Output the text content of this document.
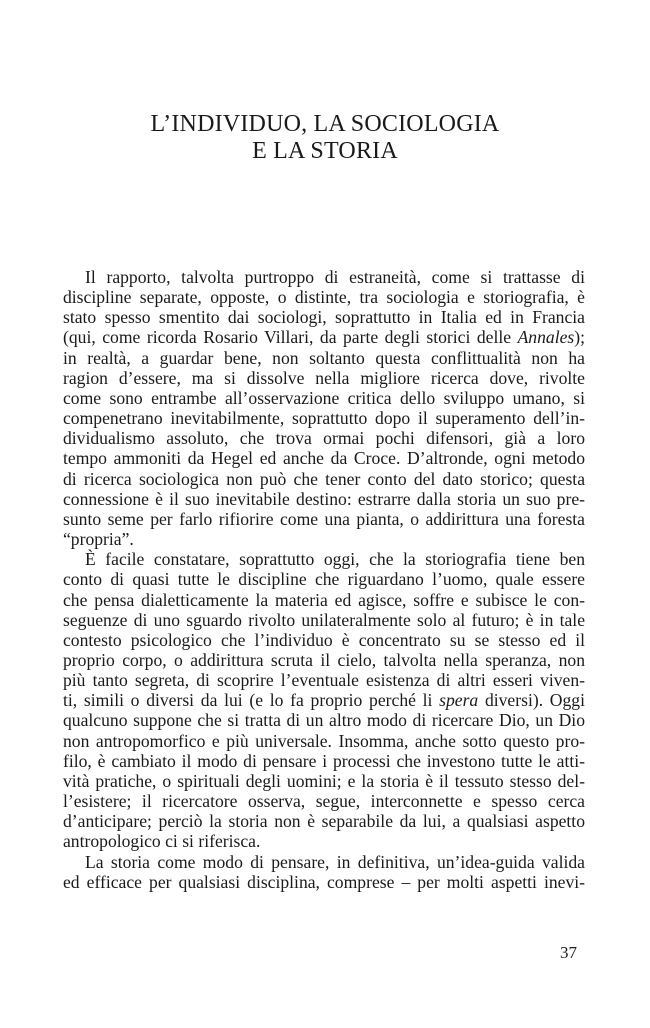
L’INDIVIDUO, LA SOCIOLOGIA
E LA STORIA
Il rapporto, talvolta purtroppo di estraneità, come si trattasse di
discipline separate, opposte, o distinte, tra sociologia e storiografia, è
stato spesso smentito dai sociologi, soprattutto in Italia ed in Francia
(qui, come ricorda Rosario Villari, da parte degli storici delle Annales);
in realtà, a guardar bene, non soltanto questa conflittualità non ha
ragion d’essere, ma si dissolve nella migliore ricerca dove, rivolte
come sono entrambe all’osservazione critica dello sviluppo umano, si
compenetrano inevitabilmente, soprattutto dopo il superamento dell’in-
dividualismo assoluto, che trova ormai pochi difensori, già a loro
tempo ammoniti da Hegel ed anche da Croce. D’altronde, ogni metodo
di ricerca sociologica non può che tener conto del dato storico; questa
connessione è il suo inevitabile destino: estrarre dalla storia un suo pre-
sunto seme per farlo rifiorire come una pianta, o addirittura una foresta
“propria”.
È facile constatare, soprattutto oggi, che la storiografia tiene ben
conto di quasi tutte le discipline che riguardano l’uomo, quale essere
che pensa dialetticamente la materia ed agisce, soffre e subisce le con-
seguenze di uno sguardo rivolto unilateralmente solo al futuro; è in tale
contesto psicologico che l’individuo è concentrato su se stesso ed il
proprio corpo, o addirittura scruta il cielo, talvolta nella speranza, non
più tanto segreta, di scoprire l’eventuale esistenza di altri esseri viven-
ti, simili o diversi da lui (e lo fa proprio perché li spera diversi). Oggi
qualcuno suppone che si tratta di un altro modo di ricercare Dio, un Dio
non antropomorfico e più universale. Insomma, anche sotto questo pro-
filo, è cambiato il modo di pensare i processi che investono tutte le atti-
vità pratiche, o spirituali degli uomini; e la storia è il tessuto stesso del-
l’esistere; il ricercatore osserva, segue, interconnette e spesso cerca
d’anticipare; perciò la storia non è separabile da lui, a qualsiasi aspetto
antropologico ci si riferisca.
La storia come modo di pensare, in definitiva, un’idea-guida valida
ed efficace per qualsiasi disciplina, comprese – per molti aspetti inevi-
37
